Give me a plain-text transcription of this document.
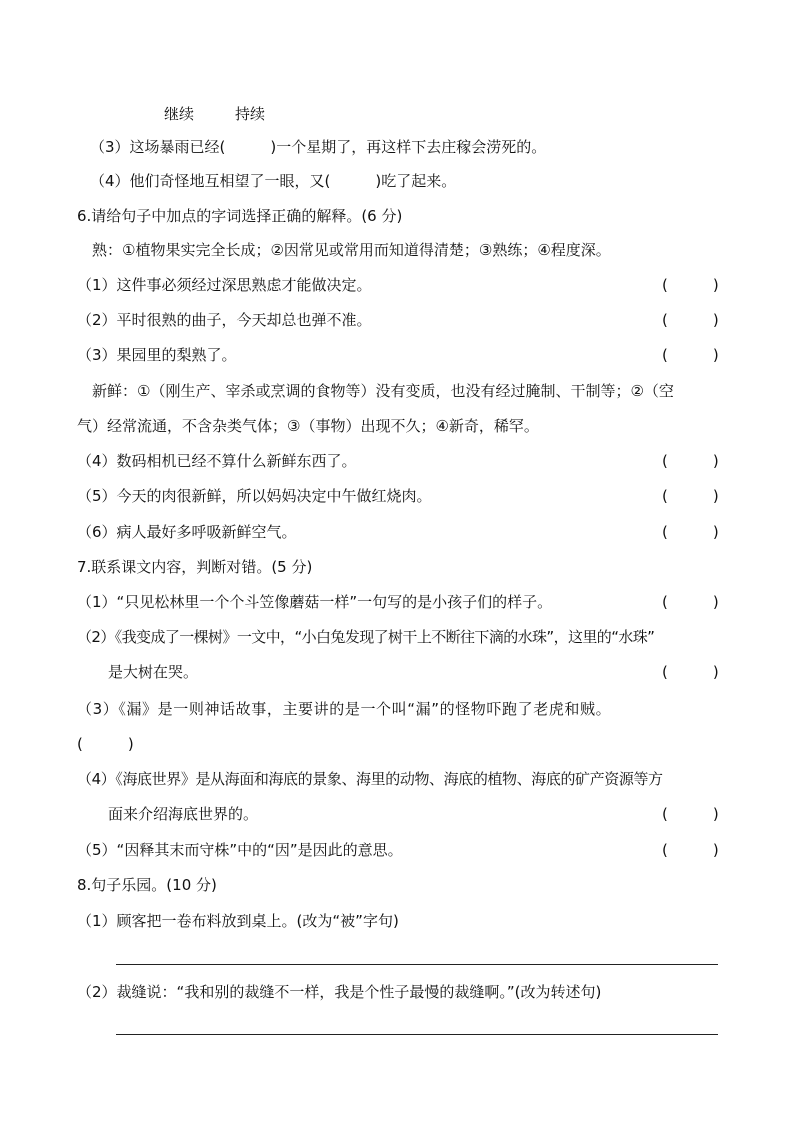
继续	持续
（3）这场暴雨已经(　　　)一个星期了，再这样下去庄稼会涝死的。
（4）他们奇怪地互相望了一眼，又(　　　)吃了起来。
6.请给句子中加点的字词选择正确的解释。(6 分)
熟：①植物果实完全长成；②因常见或常用而知道得清楚；③熟练；④程度深。
（1）这件事必须经过深思熟虑才能做决定。	(　　　)
（2）平时很熟的曲子，今天却总也弹不准。	(　　　)
（3）果园里的梨熟了。	(　　　)
新鲜：①（刚生产、宰杀或烹调的食物等）没有变质，也没有经过腌制、干制等；②（空
气）经常流通，不含杂类气体；③（事物）出现不久；④新奇，稀罕。
（4）数码相机已经不算什么新鲜东西了。	(　　　)
（5）今天的肉很新鲜，所以妈妈决定中午做红烧肉。	(　　　)
（6）病人最好多呼吸新鲜空气。	(　　　)
7.联系课文内容，判断对错。(5 分)
（1）“只见松林里一个个斗笠像蘑菇一样”一句写的是小孩子们的样子。	(　　　)
（2）《我变成了一棵树》一文中，“小白兔发现了树干上不断往下滴的水珠”，这里的“水珠”
是大树在哭。	(　　　)
（3）《漏》是一则神话故事，主要讲的是一个叫“漏”的怪物吓跑了老虎和贼。
(　　　)
（4）《海底世界》是从海面和海底的景象、海里的动物、海底的植物、海底的矿产资源等方
面来介绍海底世界的。	(　　　)
（5）“因释其末而守株”中的“因”是因此的意思。	(　　　)
8.句子乐园。(10 分)
（1）顾客把一卷布料放到桌上。(改为“被”字句)
（2）裁缝说：“我和别的裁缝不一样，我是个性子最慢的裁缝啊。”(改为转述句)
